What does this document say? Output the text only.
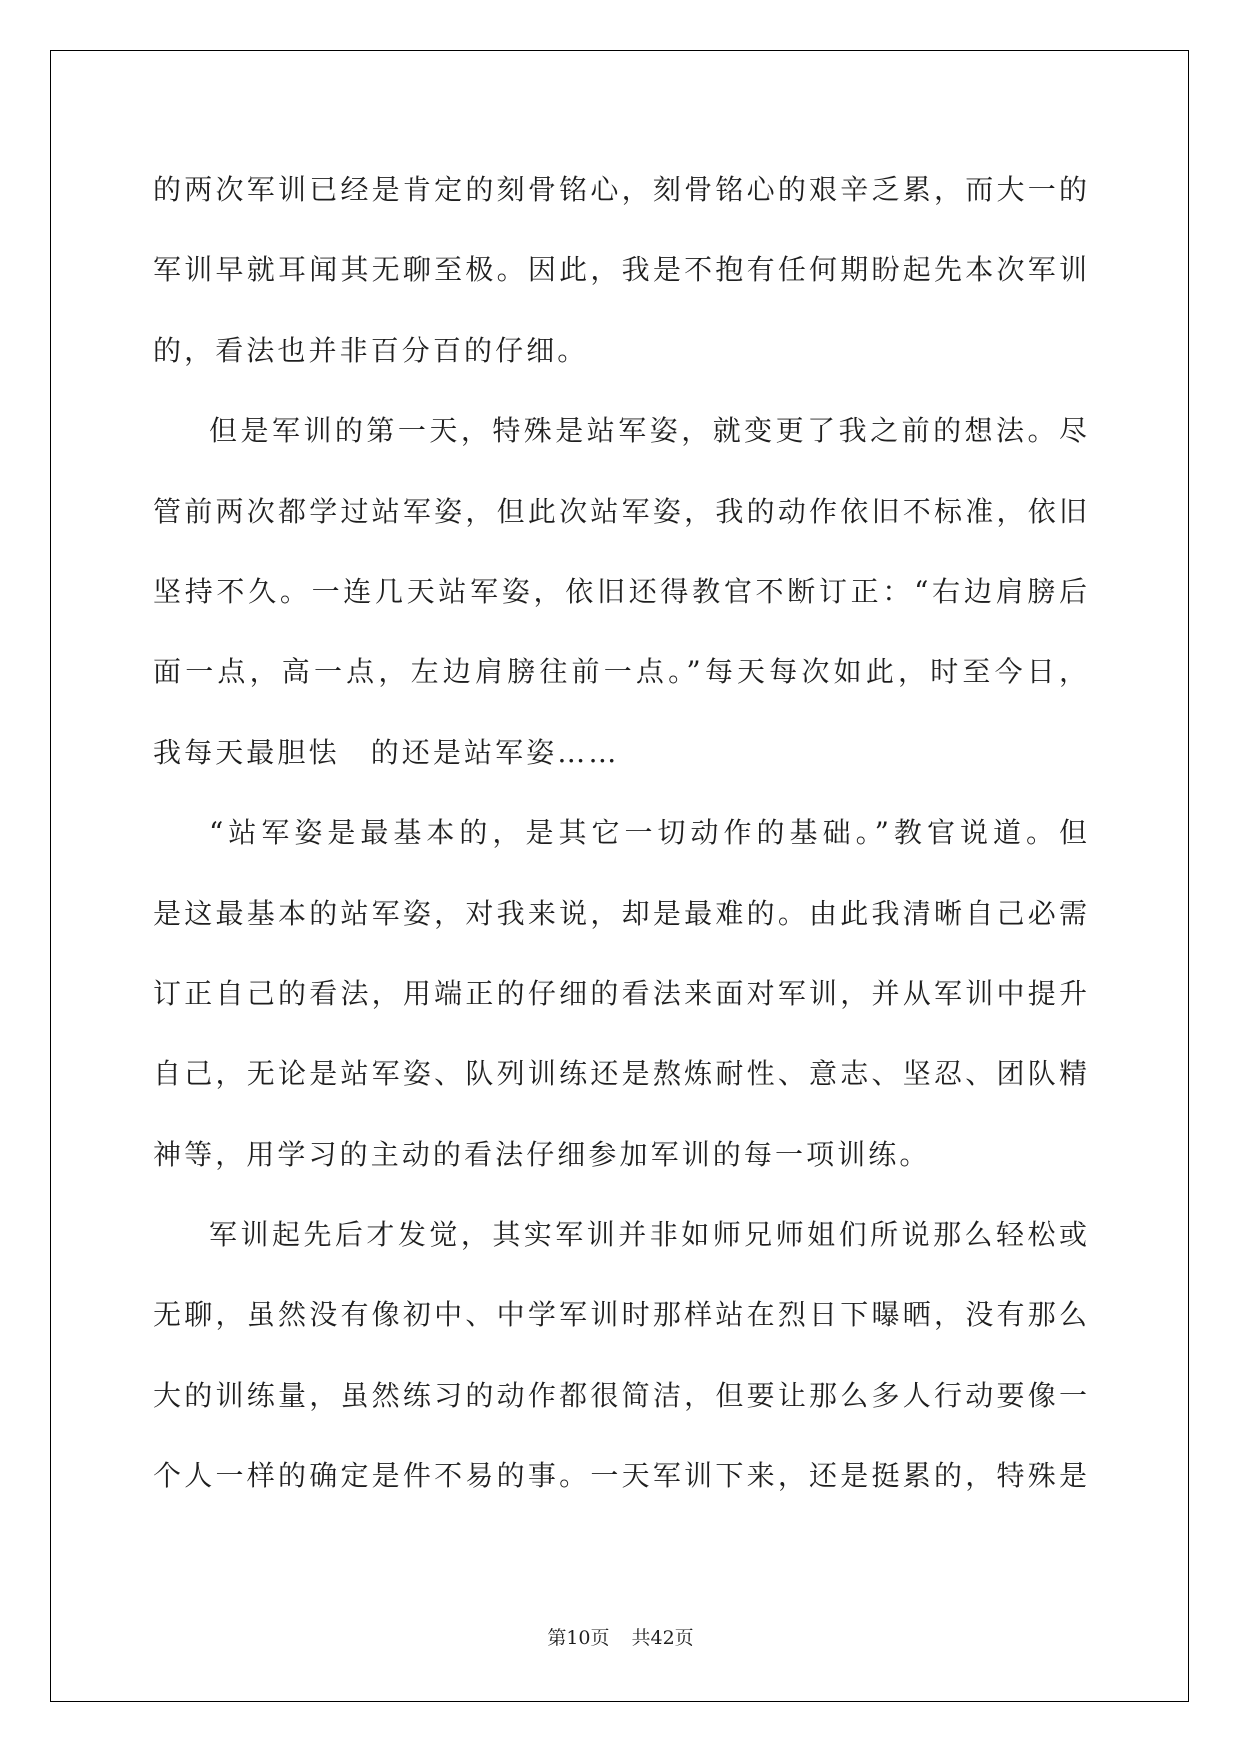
的两次军训已经是肯定的刻骨铭心，刻骨铭心的艰辛乏累，而大一的
军训早就耳闻其无聊至极。因此，我是不抱有任何期盼起先本次军训
的，看法也并非百分百的仔细。
但是军训的第一天，特殊是站军姿，就变更了我之前的想法。尽
管前两次都学过站军姿，但此次站军姿，我的动作依旧不标准，依旧
坚持不久。一连几天站军姿，依旧还得教官不断订正：“右边肩膀后
面一点，高一点，左边肩膀往前一点。”每天每次如此，时至今日，
我每天最胆怯　的还是站军姿……
“站军姿是最基本的，是其它一切动作的基础。”教官说道。但
是这最基本的站军姿，对我来说，却是最难的。由此我清晰自己必需
订正自己的看法，用端正的仔细的看法来面对军训，并从军训中提升
自己，无论是站军姿、队列训练还是熬炼耐性、意志、坚忍、团队精
神等，用学习的主动的看法仔细参加军训的每一项训练。
军训起先后才发觉，其实军训并非如师兄师姐们所说那么轻松或
无聊，虽然没有像初中、中学军训时那样站在烈日下曝晒，没有那么
大的训练量，虽然练习的动作都很简洁，但要让那么多人行动要像一
个人一样的确定是件不易的事。一天军训下来，还是挺累的，特殊是
第10页 共42页
